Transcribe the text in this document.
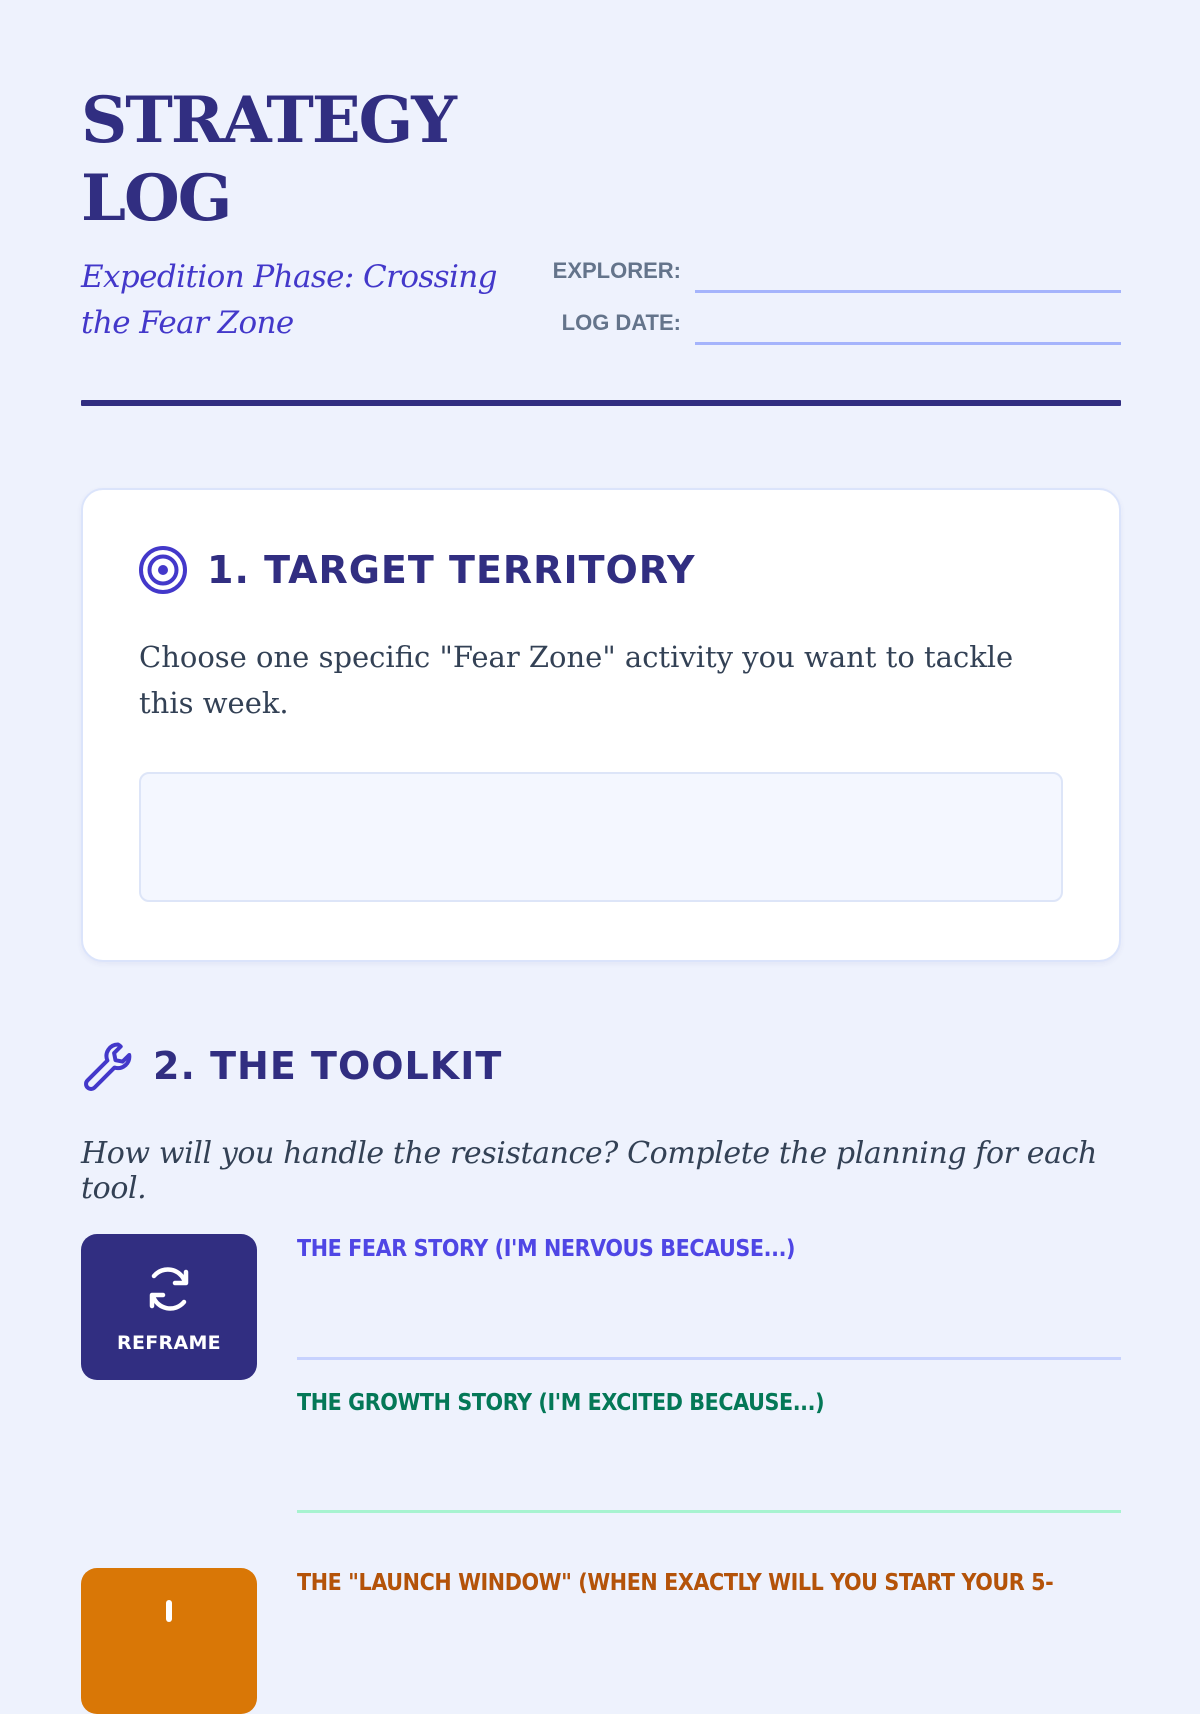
STRATEGY
LOG
Expedition Phase: Crossing the Fear Zone
EXPLORER:
LOG DATE:
1. TARGET TERRITORY
Choose one specific "Fear Zone" activity you want to tackle this week.
2. THE TOOLKIT
How will you handle the resistance? Complete the planning for each tool.
REFRAME
THE FEAR STORY (I'M NERVOUS BECAUSE...)
THE GROWTH STORY (I'M EXCITED BECAUSE...)
THE "LAUNCH WINDOW" (WHEN EXACTLY WILL YOU START YOUR 5-
